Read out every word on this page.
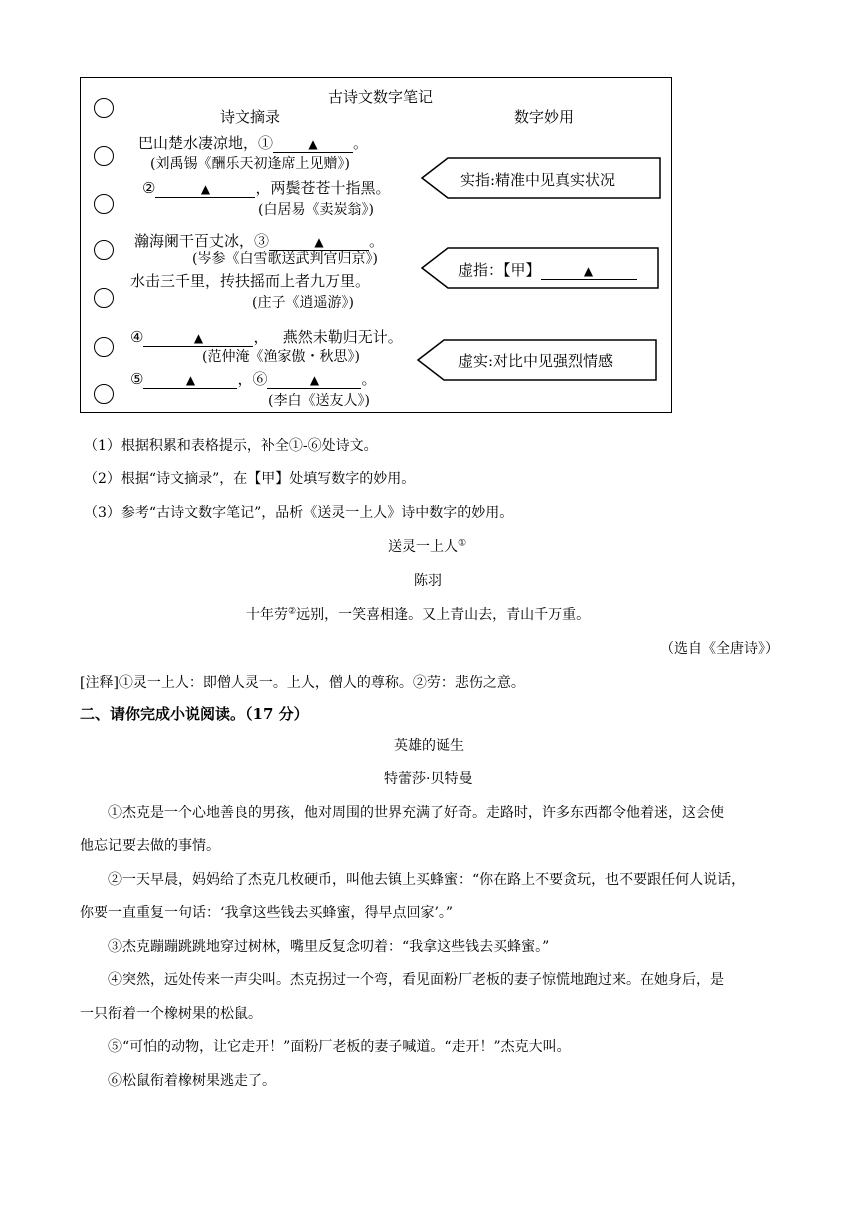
古诗文数字笔记
诗文摘录	数字妙用
巴山楚水凄凉地，①	▲ 。
(刘禹锡《酬乐天初逢席上见赠》)
②	▲	，两鬓苍苍十指黑。
(白居易《卖炭翁》)
瀚海阑干百丈冰，③	▲	。
(岑参《白雪歌送武判官归京》)
水击三千里，抟扶摇而上者九万里。
(庄子《逍遥游》)
④	▲	，   燕然未勒归无计。
(范仲淹《渔家傲・秋思》)
⑤	▲	，⑥	▲	。
(李白《送友人》)
实指:精准中见真实状况
虚指：【甲】	▲
虚实:对比中见强烈情感
（1）根据积累和表格提示，补全①-⑥处诗文。
（2）根据“诗文摘录”，在【甲】处填写数字的妙用。
（3）参考“古诗文数字笔记”，品析《送灵一上人》诗中数字的妙用。
送灵一上人①
陈羽
十年劳②远别，一笑喜相逢。又上青山去，青山千万重。
（选自《全唐诗》）
[注释]①灵一上人：即僧人灵一。上人，僧人的尊称。②劳：悲伤之意。
二、请你完成小说阅读。（17 分）
英雄的诞生
特蕾莎·贝特曼
①杰克是一个心地善良的男孩，他对周围的世界充满了好奇。走路时，许多东西都令他着迷，这会使
他忘记要去做的事情。
②一天早晨，妈妈给了杰克几枚硬币，叫他去镇上买蜂蜜：“你在路上不要贪玩，也不要跟任何人说话，
你要一直重复一句话：‘我拿这些钱去买蜂蜜，得早点回家’。”
③杰克蹦蹦跳跳地穿过树林，嘴里反复念叨着：“我拿这些钱去买蜂蜜。”
④突然，远处传来一声尖叫。杰克拐过一个弯，看见面粉厂老板的妻子惊慌地跑过来。在她身后，是
一只衔着一个橡树果的松鼠。
⑤“可怕的动物，让它走开！”面粉厂老板的妻子喊道。“走开！”杰克大叫。
⑥松鼠衔着橡树果逃走了。
